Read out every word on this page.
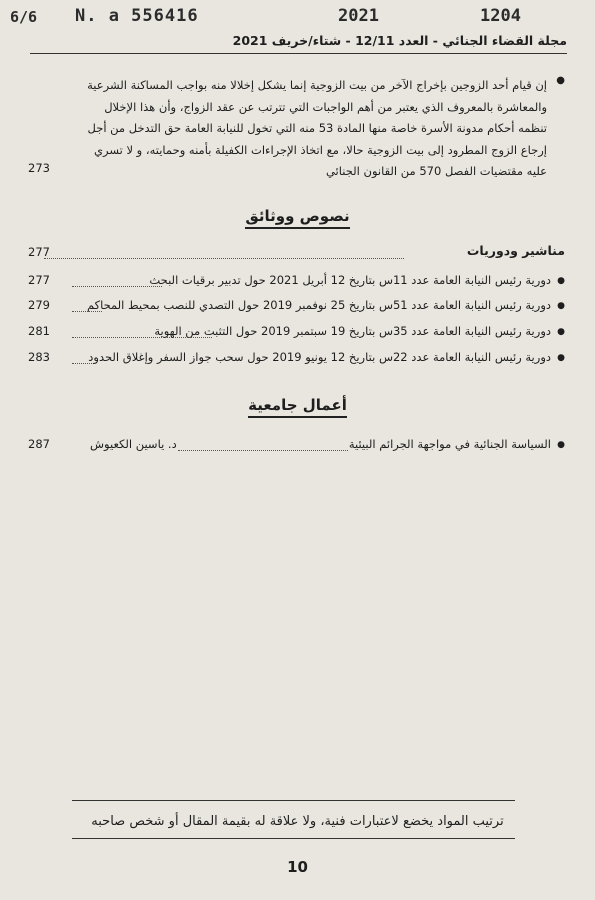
6/6 N. a 556416	2021	1204
مجلة القضاء الجنائي - العدد 12/11 - شتاء/خريف 2021
●
إن قيام أحد الزوجين بإخراج الآخر من بيت الزوجية إنما يشكل إخلالا منه بواجب المساكنة الشرعية والمعاشرة بالمعروف الذي يعتبر من أهم الواجبات التي تترتب عن عقد الزواج، وأن هذا الإخلال تنظمه أحكام مدونة الأسرة خاصة منها المادة 53 منه التي تخول للنيابة العامة حق التدخل من أجل إرجاع الزوج المطرود إلى بيت الزوجية حالا، مع اتخاذ الإجراءات الكفيلة بأمنه وحمايته، و لا تسري عليه مقتضيات الفصل 570 من القانون الجنائي
273
نصوص ووثائق
مناشير ودوريات
277
●
دورية رئيس النيابة العامة عدد 11س بتاريخ 12 أبريل 2021 حول تدبير برقيات البحث
277
●
دورية رئيس النيابة العامة عدد 51س بتاريخ 25 نوفمبر 2019 حول التصدي للنصب بمحيط المحاكم
279
●
دورية رئيس النيابة العامة عدد 35س بتاريخ 19 سبتمبر 2019 حول التثبت من الهوية
281
●
دورية رئيس النيابة العامة عدد 22س بتاريخ 12 يونيو 2019 حول سحب جواز السفر وإغلاق الحدود
283
أعمال جامعية
●
السياسة الجنائية في مواجهة الجرائم البيئية
د. ياسين الكعيوش
287
ترتيب المواد يخضع لاعتبارات فنية، ولا علاقة له بقيمة المقال أو شخص صاحبه
10
